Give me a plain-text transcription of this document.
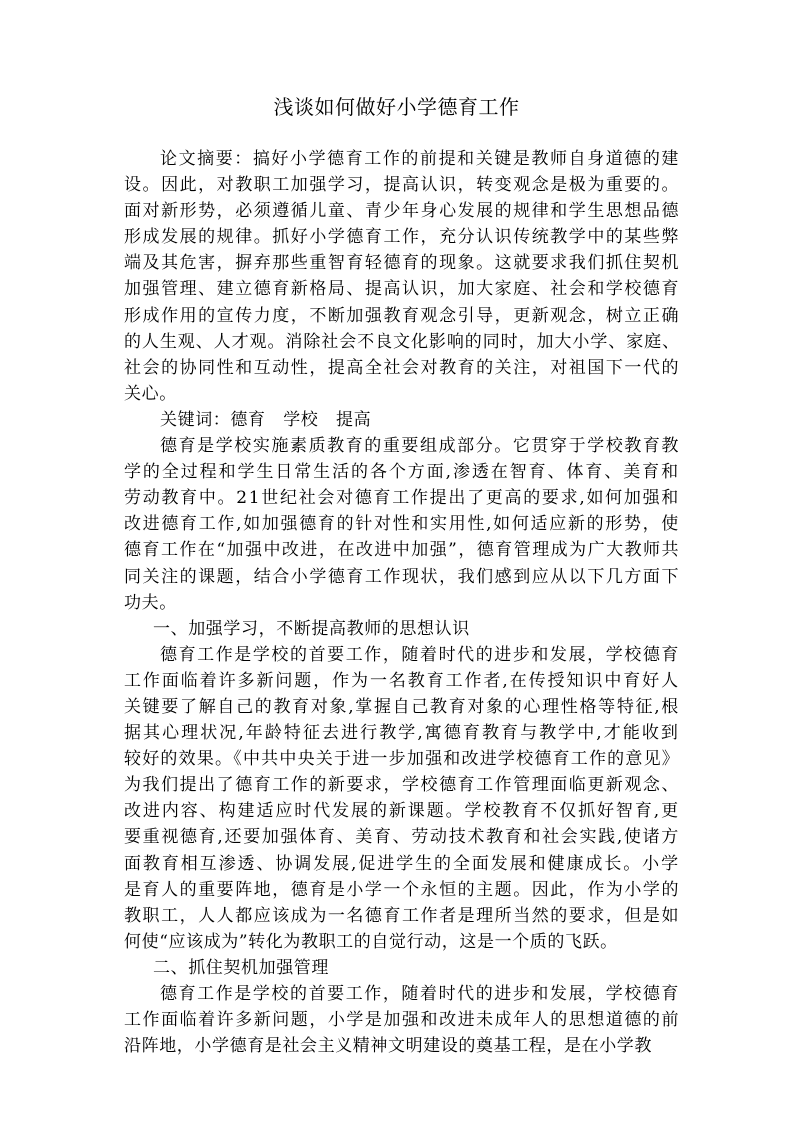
浅谈如何做好小学德育工作
论文摘要：搞好小学德育工作的前提和关键是教师自身道德的建
设。因此，对教职工加强学习，提高认识，转变观念是极为重要的。
面对新形势，必须遵循儿童、青少年身心发展的规律和学生思想品德
形成发展的规律。抓好小学德育工作，充分认识传统教学中的某些弊
端及其危害，摒弃那些重智育轻德育的现象。这就要求我们抓住契机
加强管理、建立德育新格局、提高认识，加大家庭、社会和学校德育
形成作用的宣传力度，不断加强教育观念引导，更新观念，树立正确
的人生观、人才观。消除社会不良文化影响的同时，加大小学、家庭、
社会的协同性和互动性，提高全社会对教育的关注，对祖国下一代的
关心。
关键词：德育　学校　提高
德育是学校实施素质教育的重要组成部分。它贯穿于学校教育教
学的全过程和学生日常生活的各个方面,渗透在智育、体育、美育和
劳动教育中。21世纪社会对德育工作提出了更高的要求,如何加强和
改进德育工作,如加强德育的针对性和实用性,如何适应新的形势，使
德育工作在“加强中改进，在改进中加强”，德育管理成为广大教师共
同关注的课题，结合小学德育工作现状，我们感到应从以下几方面下
功夫。
一、加强学习，不断提高教师的思想认识
德育工作是学校的首要工作，随着时代的进步和发展，学校德育
工作面临着许多新问题，作为一名教育工作者,在传授知识中育好人
关键要了解自己的教育对象,掌握自己教育对象的心理性格等特征,根
据其心理状况,年龄特征去进行教学,寓德育教育与教学中,才能收到
较好的效果。《中共中央关于进一步加强和改进学校德育工作的意见》
为我们提出了德育工作的新要求，学校德育工作管理面临更新观念、
改进内容、构建适应时代发展的新课题。学校教育不仅抓好智育,更
要重视德育,还要加强体育、美育、劳动技术教育和社会实践,使诸方
面教育相互渗透、协调发展,促进学生的全面发展和健康成长。小学
是育人的重要阵地，德育是小学一个永恒的主题。因此，作为小学的
教职工，人人都应该成为一名德育工作者是理所当然的要求，但是如
何使“应该成为”转化为教职工的自觉行动，这是一个质的飞跃。
二、抓住契机加强管理
德育工作是学校的首要工作，随着时代的进步和发展，学校德育
工作面临着许多新问题，小学是加强和改进未成年人的思想道德的前
沿阵地，小学德育是社会主义精神文明建设的奠基工程，是在小学教
